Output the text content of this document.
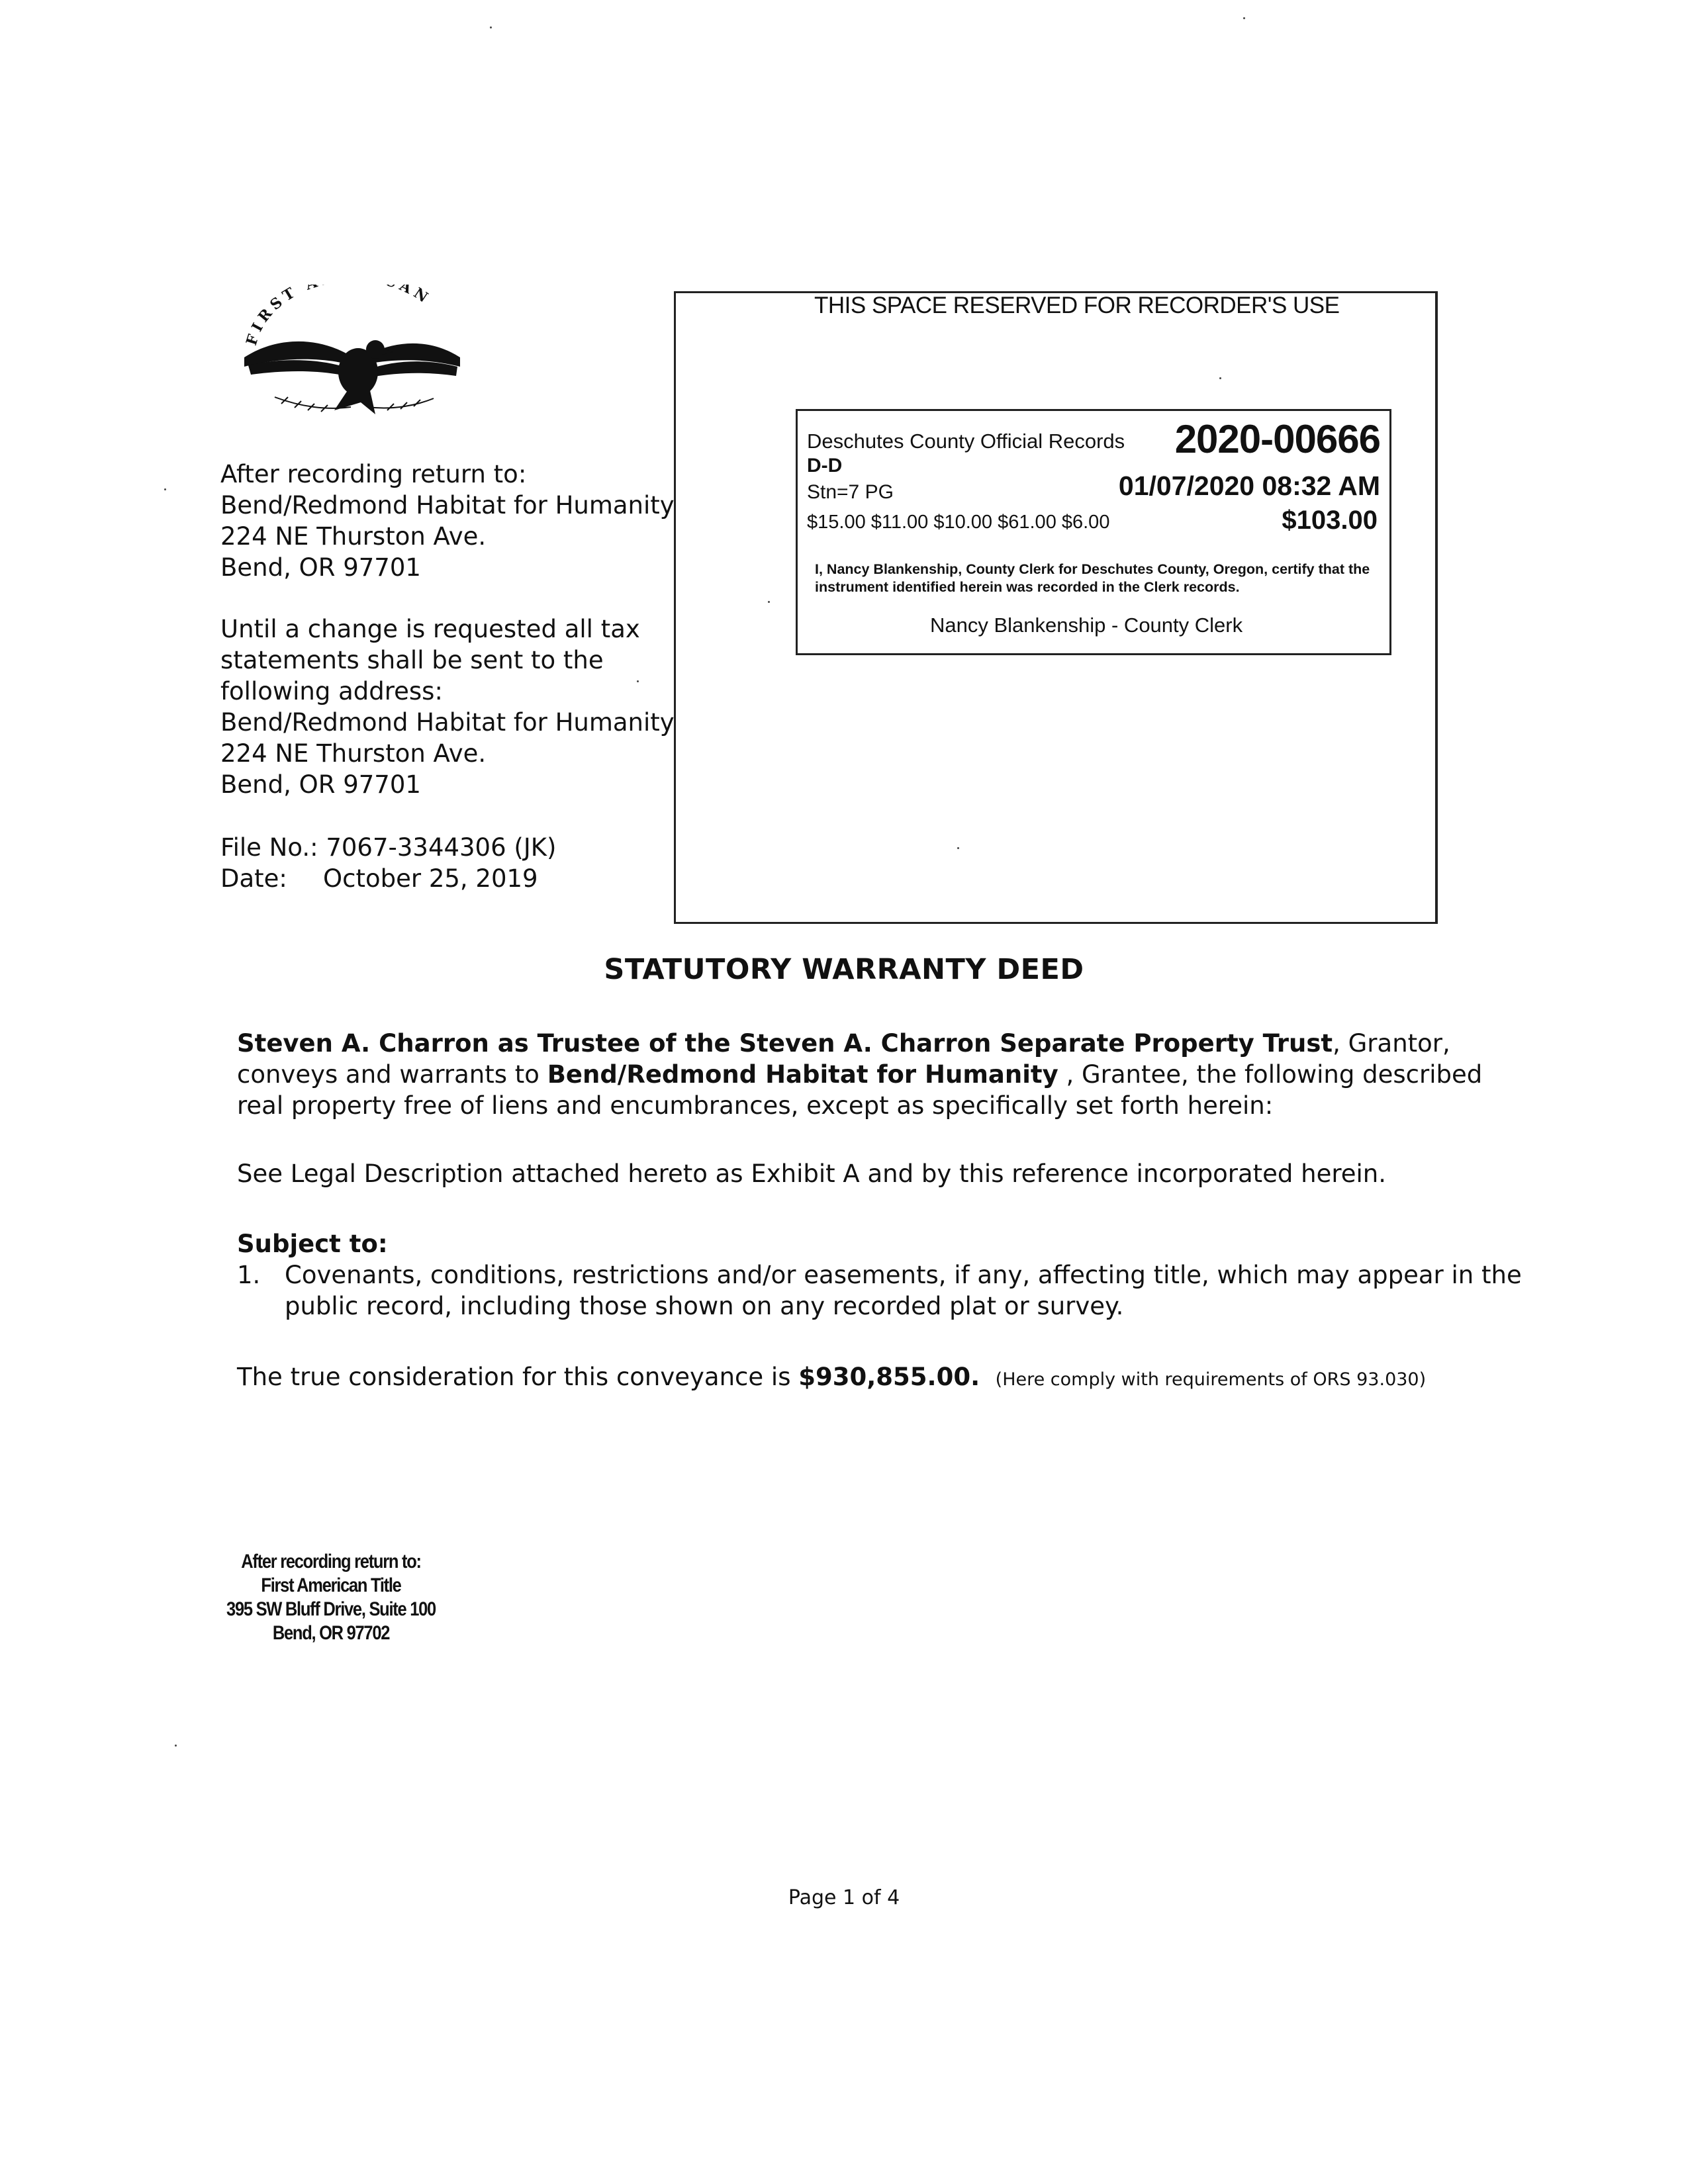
FIRST AN
After recording return to:
Bend/Redmond Habitat for Humanity
224 NE Thurston Ave.
Bend, OR 97701
Until a change is requested all tax
statements shall be sent to the
following address:
Bend/Redmond Habitat for Humanity
224 NE Thurston Ave.
Bend, OR 97701
File No.:
7067-3344306 (JK)
Date:	October 25, 2019
THIS SPACE RESERVED FOR RECORDER'S USE
Deschutes County Official Records 2020-00666
D-D
Stn=7 PG	01/07/2020 08:32 AM
$15.00 $11.00 $10.00 $61.00 $6.00	$103.00
I, Nancy Blankenship, County Clerk for Deschutes County, Oregon, certify that the instrument identified herein was recorded in the Clerk records.
Nancy Blankenship - County Clerk
STATUTORY WARRANTY DEED
Steven A. Charron as Trustee of the Steven A. Charron Separate Property Trust, Grantor,
conveys and warrants to Bend/Redmond Habitat for Humanity , Grantee, the following described
real property free of liens and encumbrances, except as specifically set forth herein:
See Legal Description attached hereto as Exhibit A and by this reference incorporated herein.
Subject to:
1. Covenants, conditions, restrictions and/or easements, if any, affecting title, which may appear in the
public record, including those shown on any recorded plat or survey.
The true consideration for this conveyance is $930,855.00. (Here comply with requirements of ORS 93.030)
After recording return to:
First American Title
395 SW Bluff Drive, Suite 100
Bend, OR 97702
Page 1 of 4
